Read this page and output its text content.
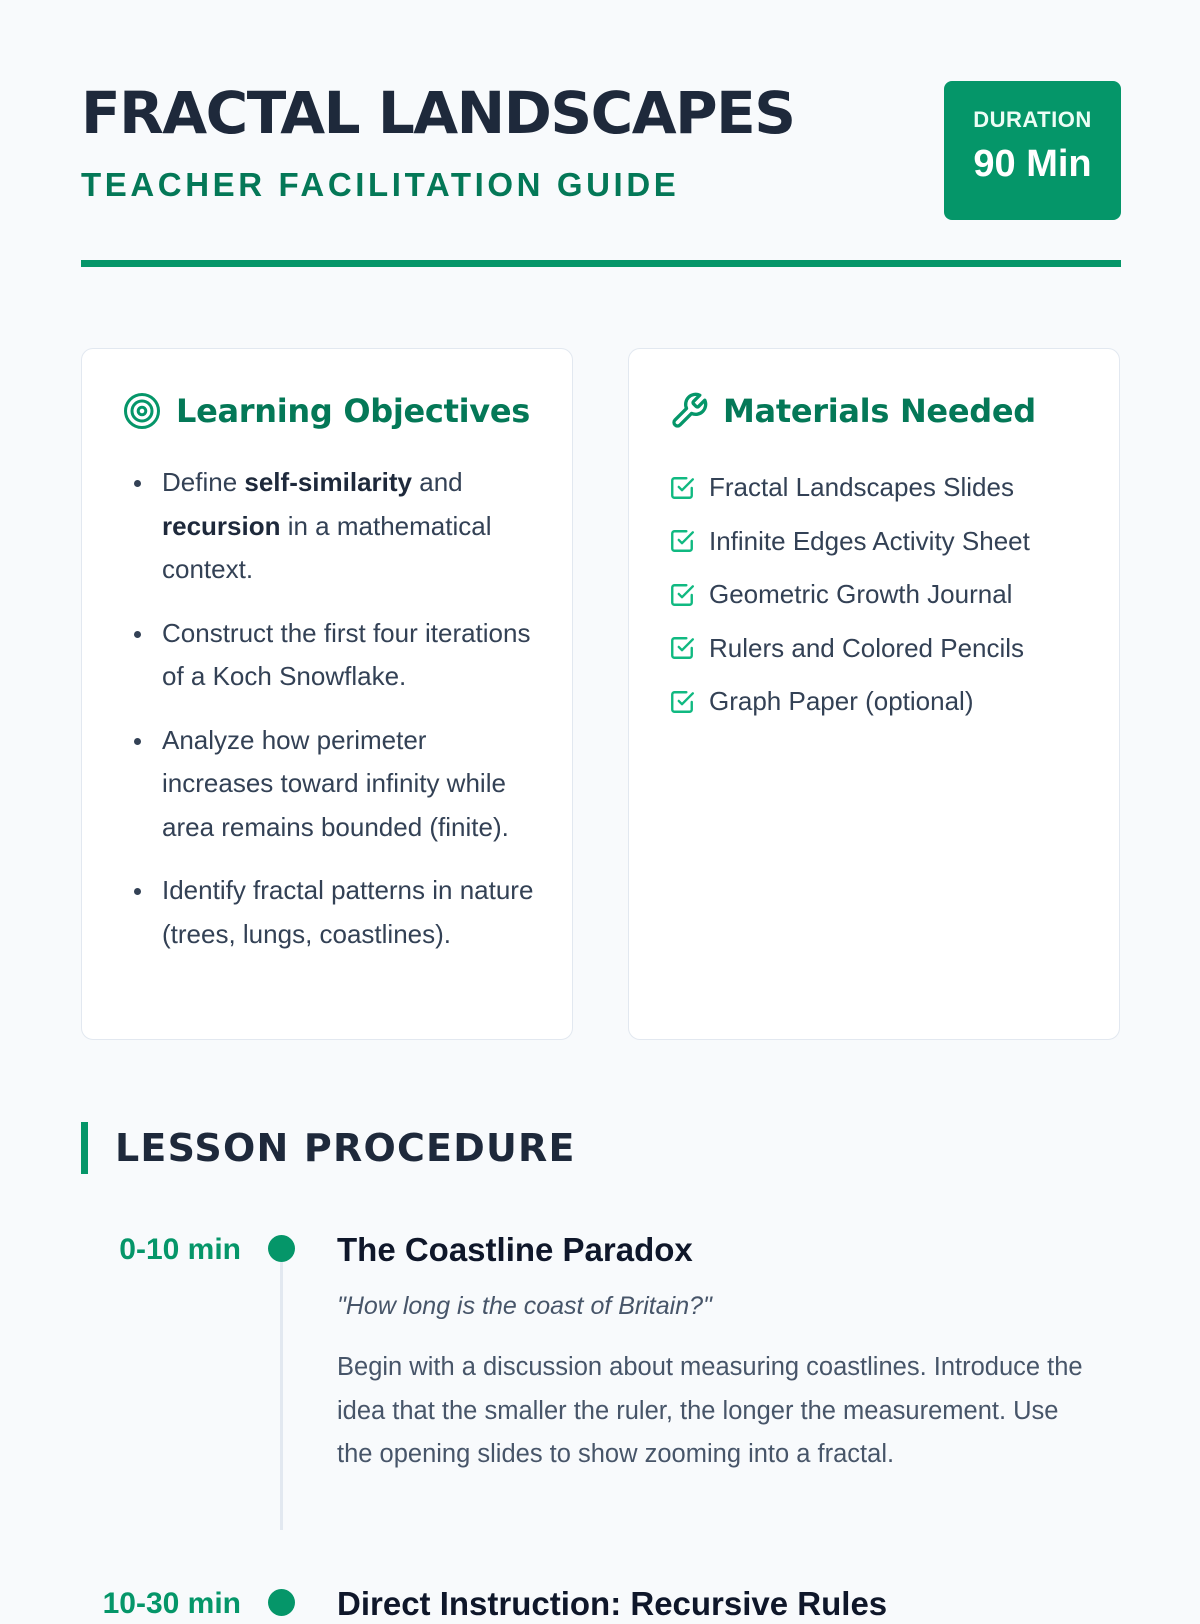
FRACTAL LANDSCAPES
TEACHER FACILITATION GUIDE
DURATION
90 Min
Learning Objectives
Define self-similarity and recursion in a mathematical context.
Construct the first four iterations of a Koch Snowflake.
Analyze how perimeter increases toward infinity while area remains bounded (finite).
Identify fractal patterns in nature (trees, lungs, coastlines).
Materials Needed
Fractal Landscapes Slides
Infinite Edges Activity Sheet
Geometric Growth Journal
Rulers and Colored Pencils
Graph Paper (optional)
LESSON PROCEDURE
0-10 min	The Coastline Paradox
"How long is the coast of Britain?"
Begin with a discussion about measuring coastlines. Introduce the idea that the smaller the ruler, the longer the measurement. Use the opening slides to show zooming into a fractal.
10-30 min	Direct Instruction: Recursive Rules
